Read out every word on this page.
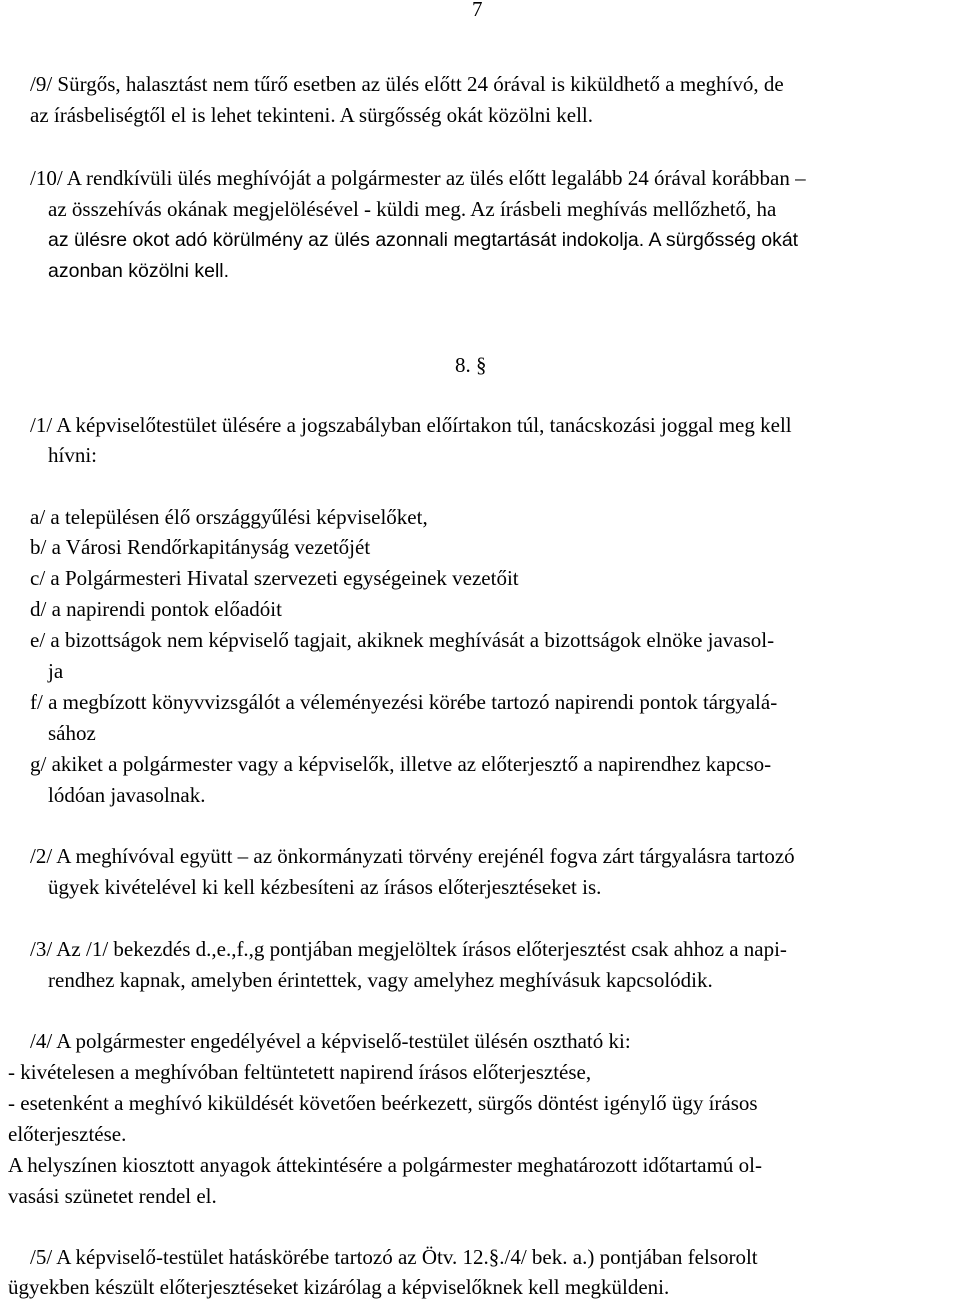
7

/9/ Sürgős, halasztást nem tűrő esetben az ülés előtt 24 órával is kiküldhető a meghívó, de

az írásbeliségtől el is lehet tekinteni. A sürgősség okát közölni kell.

/10/ A rendkívüli ülés meghívóját a polgármester az ülés előtt legalább 24 órával korábban –

az összehívás okának megjelölésével - küldi meg. Az írásbeli meghívás mellőzhető, ha

az ülésre okot adó körülmény az ülés azonnali megtartását indokolja. A sürgősség okát

azonban közölni kell.

8. §

/1/ A képviselőtestület ülésére a jogszabályban előírtakon túl, tanácskozási joggal meg kell

hívni:

a/ a településen élő országgyűlési képviselőket,

b/ a Városi Rendőrkapitányság vezetőjét

c/ a Polgármesteri Hivatal szervezeti egységeinek vezetőit

d/ a napirendi pontok előadóit

e/ a bizottságok nem képviselő tagjait, akiknek meghívását a bizottságok elnöke javasol-

ja

f/ a megbízott könyvvizsgálót a véleményezési körébe tartozó napirendi pontok tárgyalá-

sához

g/ akiket a polgármester vagy a képviselők, illetve az előterjesztő a napirendhez kapcso-

lódóan javasolnak.

/2/ A meghívóval együtt – az önkormányzati törvény erejénél fogva zárt tárgyalásra tartozó

ügyek kivételével ki kell kézbesíteni az írásos előterjesztéseket is.

/3/ Az /1/ bekezdés d.,e.,f.,g pontjában megjelöltek írásos előterjesztést csak ahhoz a napi-

rendhez kapnak, amelyben érintettek, vagy amelyhez meghívásuk kapcsolódik.

/4/ A polgármester engedélyével a képviselő-testület ülésén osztható ki:

- kivételesen a meghívóban feltüntetett napirend írásos előterjesztése,

- esetenként a meghívó kiküldését követően beérkezett, sürgős döntést igénylő ügy írásos

előterjesztése.

A helyszínen kiosztott anyagok áttekintésére a polgármester meghatározott időtartamú ol-

vasási szünetet rendel el.

/5/ A képviselő-testület hatáskörébe tartozó az Ötv. 12.§./4/ bek. a.) pontjában felsorolt

ügyekben készült előterjesztéseket kizárólag a képviselőknek kell megküldeni.
